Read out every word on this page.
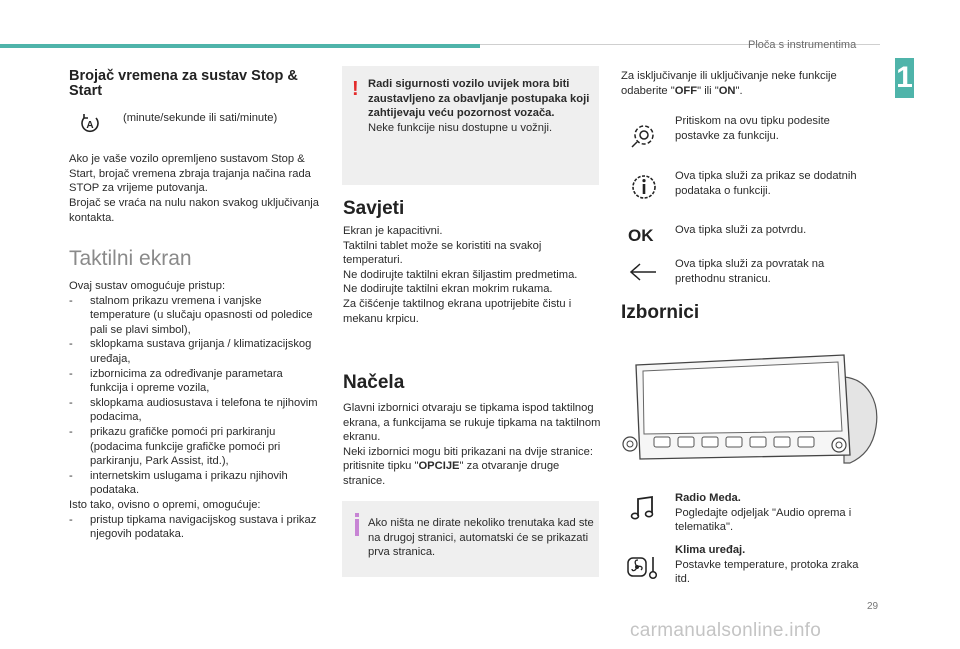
Ploča s instrumentima
1
Brojač vremena za sustav Stop & Start
A
(minute/sekunde ili sati/minute)
Ako je vaše vozilo opremljeno sustavom Stop & Start, brojač vremena zbraja trajanja načina rada STOP za vrijeme putovanja.
Brojač se vraća na nulu nakon svakog uključivanja kontakta.
Taktilni ekran

Ovaj sustav omogućuje pristup:

- stalnom prikazu vremena i vanjske temperature (u slučaju opasnosti od poledice pali se plavi simbol),
- sklopkama sustava grijanja / klimatizacijskog uređaja,
- izbornicima za određivanje parametara funkcija i opreme vozila,
- sklopkama audiosustava i telefona te njihovim podacima,
- prikazu grafičke pomoći pri parkiranju (podacima funkcije grafičke pomoći pri parkiranju, Park Assist, itd.),
- internetskim uslugama i prikazu njihovih podataka.

Isto tako, ovisno o opremi, omogućuje:

- pristup tipkama navigacijskog sustava i prikaz njegovih podataka.
! Radi sigurnosti vozilo uvijek mora biti zaustavljeno za obavljanje postupaka koji zahtijevaju veću pozornost vozača.

Neke funkcije nisu dostupne u vožnji.

Savjeti

Ekran je kapacitivni.

Taktilni tablet može se koristiti na svakoj temperaturi.

Ne dodirujte taktilni ekran šiljastim predmetima.

Ne dodirujte taktilni ekran mokrim rukama.

Za čišćenje taktilnog ekrana upotrijebite čistu i mekanu krpicu.

Načela

Glavni izbornici otvaraju se tipkama ispod taktilnog ekrana, a funkcijama se rukuje tipkama na taktilnom ekranu.

Neki izbornici mogu biti prikazani na dvije stranice: pritisnite tipku "OPCIJE" za otvaranje druge stranice.

Ako ništa ne dirate nekoliko trenutaka kad ste na drugoj stranici, automatski će se prikazati prva stranica.
Za isključivanje ili uključivanje neke funkcije odaberite "OFF" ili "ON".
Pritiskom na ovu tipku podesite postavke za funkciju.
Ova tipka služi za prikaz se dodatnih podataka o funkciji.
OK Ova tipka služi za potvrdu.
Ova tipka služi za povratak na prethodnu stranicu.
Izbornici

Radio Meda.

Pogledajte odjeljak "Audio oprema i telematika".

Klima uređaj.

Postavke temperature, protoka zraka itd.

29
carmanualsonline.info
